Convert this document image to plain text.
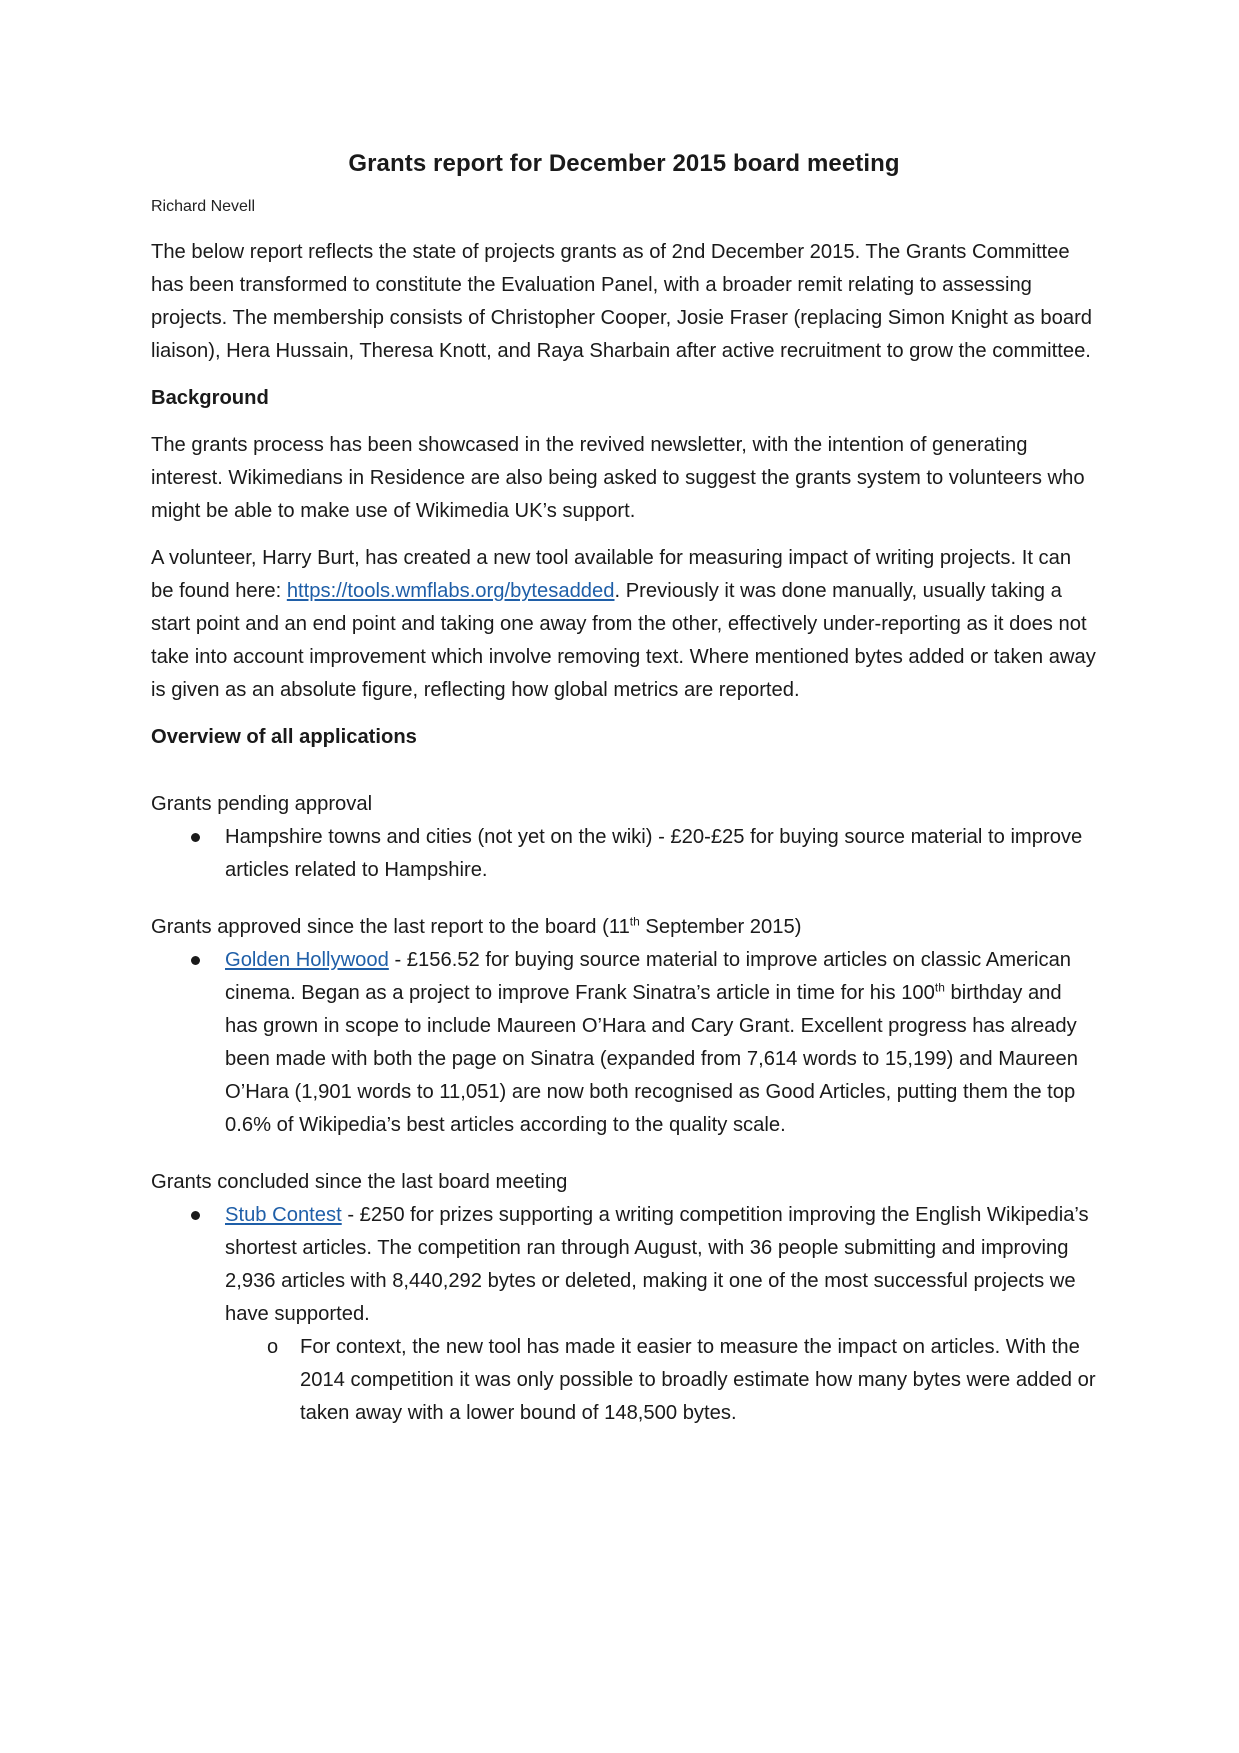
Grants report for December 2015 board meeting
Richard Nevell

The below report reflects the state of projects grants as of 2nd December 2015. The Grants Committee has been transformed to constitute the Evaluation Panel, with a broader remit relating to assessing projects. The membership consists of Christopher Cooper, Josie Fraser (replacing Simon Knight as board liaison), Hera Hussain, Theresa Knott, and Raya Sharbain after active recruitment to grow the committee.

Background

The grants process has been showcased in the revived newsletter, with the intention of generating interest. Wikimedians in Residence are also being asked to suggest the grants system to volunteers who might be able to make use of Wikimedia UK’s support.

A volunteer, Harry Burt, has created a new tool available for measuring impact of writing projects. It can be found here: https://tools.wmflabs.org/bytesadded. Previously it was done manually, usually taking a start point and an end point and taking one away from the other, effectively under-reporting as it does not take into account improvement which involve removing text. Where mentioned bytes added or taken away is given as an absolute figure, reflecting how global metrics are reported.

Overview of all applications

Grants pending approval

Hampshire towns and cities (not yet on the wiki) - £20-£25 for buying source material to improve articles related to Hampshire.

Grants approved since the last report to the board (11th September 2015)

Golden Hollywood - £156.52 for buying source material to improve articles on classic American cinema. Began as a project to improve Frank Sinatra’s article in time for his 100th birthday and has grown in scope to include Maureen O’Hara and Cary Grant. Excellent progress has already been made with both the page on Sinatra (expanded from 7,614 words to 15,199) and Maureen O’Hara (1,901 words to 11,051) are now both recognised as Good Articles, putting them the top 0.6% of Wikipedia’s best articles according to the quality scale.

Grants concluded since the last board meeting

Stub Contest - £250 for prizes supporting a writing competition improving the English Wikipedia’s shortest articles. The competition ran through August, with 36 people submitting and improving 2,936 articles with 8,440,292 bytes or deleted, making it one of the most successful projects we have supported.
o For context, the new tool has made it easier to measure the impact on articles. With the 2014 competition it was only possible to broadly estimate how many bytes were added or taken away with a lower bound of 148,500 bytes.
